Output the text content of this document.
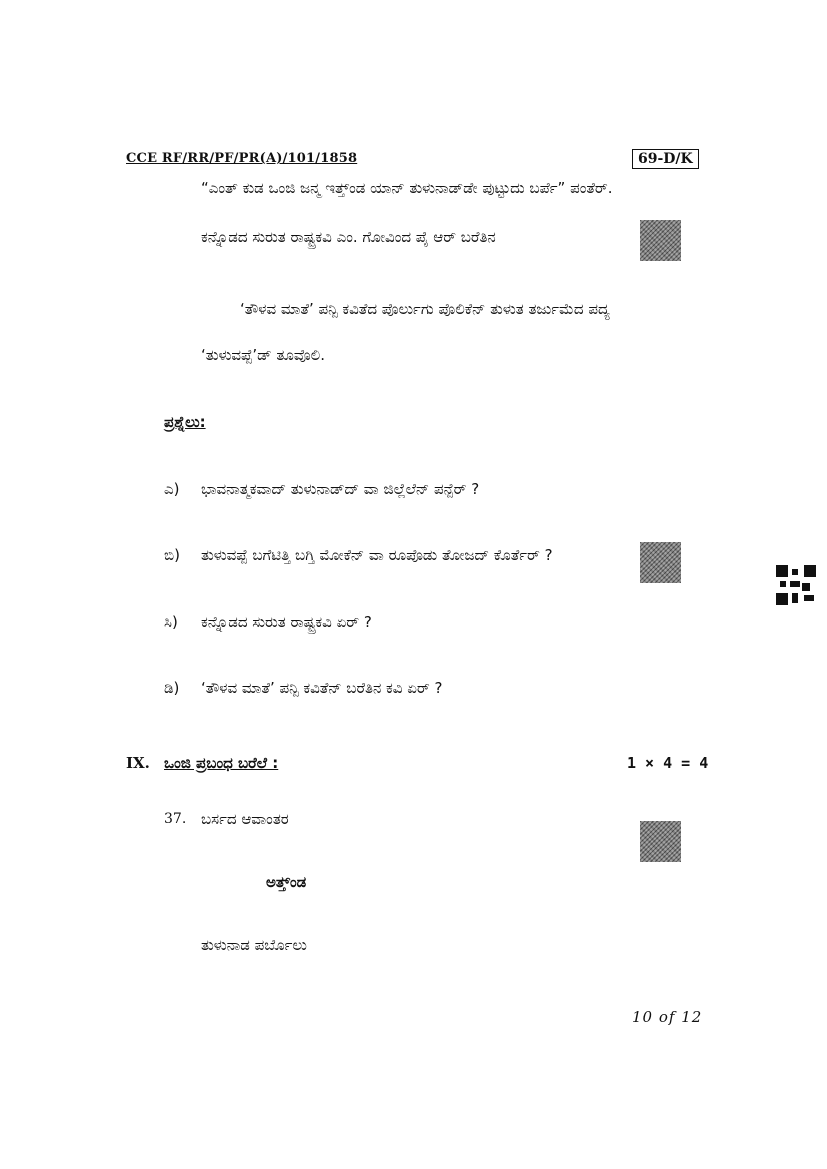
CCE RF/RR/PF/PR(A)/101/1858	69-D/K
“ಎಂತ್ ಕುಡ ಒಂಜಿ ಜನ್ಮ ಇತ್ತ್‌ಂಡ ಯಾನ್ ತುಳುನಾಡ್‌ಡೇ ಪುಟ್ಟುದು ಬರ್ಪೆ” ಪಂತೆರ್.
ಕನ್ನೊಡದ ಸುರುತ ರಾಷ್ಟ್ರಕವಿ ಎಂ. ಗೋವಿಂದ ಪೈ ಆರ್ ಬರೆತಿನ
‘ತೌಳವ ಮಾತೆ’ ಪನ್ಪಿ ಕವಿತೆದ ಪೊರ್ಲುಗು ಪೊಲಿಕೆನ್ ತುಳುತ ತರ್ಜುಮೆದ ಪದ್ಯ
‘ತುಳುವಪ್ಪೆ’ಡ್ ತೂವೊಲಿ.
ಪ್ರಶ್ನೆಲು:
ಎ) ಭಾವನಾತ್ಮಕವಾದ್ ತುಳುನಾಡ್‌ದ್ ವಾ ಜಿಲ್ಲೆಲೆನ್ ಪನ್ಪೆರ್ ?
ಬಿ) ತುಳುವಪ್ಪೆ ಬಗೆಟಿತ್ತಿ ಬಗ್ತಿ ಮೋಕೆನ್ ವಾ ರೂಪೊಡು ತೋಜದ್ ಕೊರ್ತೆರ್ ?
ಸಿ) ಕನ್ನೊಡದ ಸುರುತ ರಾಷ್ಟ್ರಕವಿ ಏರ್ ?
ಡಿ) ‘ತೌಳವ ಮಾತೆ’ ಪನ್ಪಿ ಕವಿತೆನ್ ಬರೆತಿನ ಕವಿ ಏರ್ ?
IX. ಒಂಜಿ ಪ್ರಬಂಧ ಬರೆಲೆ :	1 × 4 = 4
37. ಬರ್ಸದ ಆವಾಂತರ
ಅತ್ತ್‌ಂಡ
ತುಳುನಾಡ ಪರ್ಬೊಲು
10 of 12
